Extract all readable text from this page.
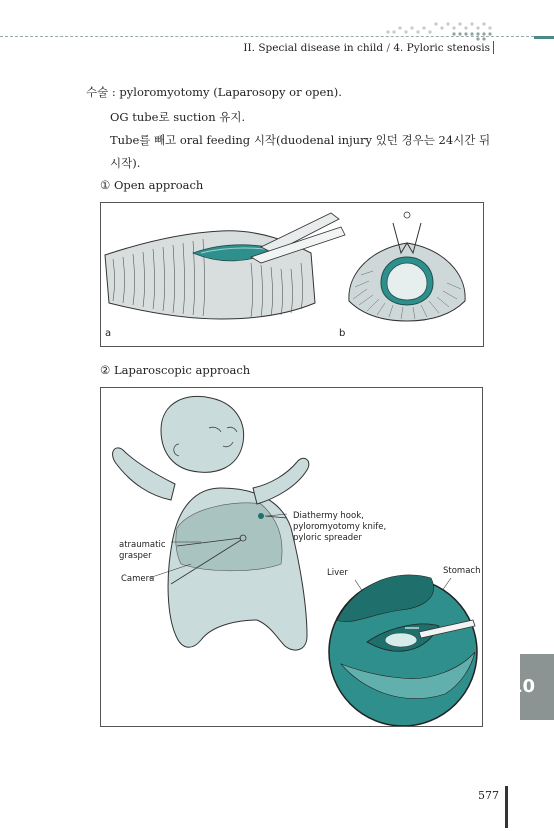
II. Special disease in child / 4. Pyloric stenosis
수술 : pyloromyotomy (Laparosopy or open).
OG tube로 suction 유지.
Tube를 빼고 oral feeding 시작(duodenal injury 있던 경우는 24시간 뒤
시작).
① Open approach
a	b
② Laparoscopic approach
Diathermy hook,
pyloromyotomy knife,
pyloric spreader
atraumatic
grasper
Camera
Liver	Stomach
10
577
